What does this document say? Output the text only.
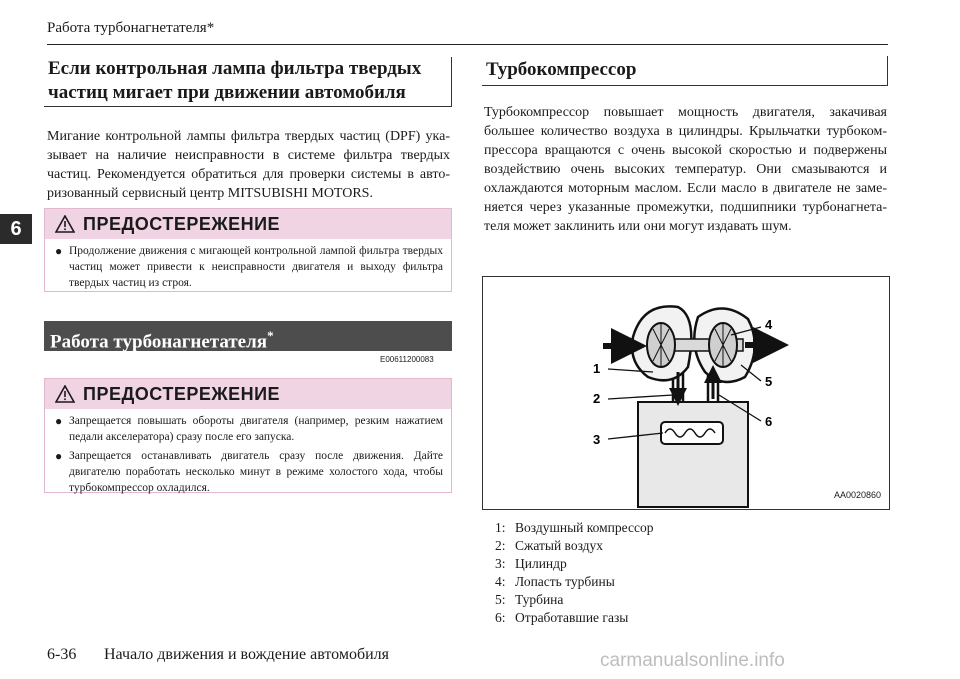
Работа турбонагнетателя*
6
Если контрольная лампа фильтра твердых частиц мигает при движении автомобиля

Мигание контрольной лампы фильтра твердых частиц (DPF) ука-зывает на наличие неисправности в системе фильтра твердых частиц. Рекомендуется обратиться для проверки системы в авто-ризованный сервисный центр MITSUBISHI MOTORS.

ПРЕДОСТЕРЕЖЕНИЕ
● Продолжение движения с мигающей контрольной лампой фильтра твердых частиц может привести к неисправности двигателя и выходу фильтра твердых частиц из строя.
Работа турбонагнетателя*
E00611200083
ПРЕДОСТЕРЕЖЕНИЕ
● Запрещается повышать обороты двигателя (например, резким нажатием педали акселератора) сразу после его запуска.
● Запрещается останавливать двигатель сразу после движения. Дайте двигателю поработать несколько минут в режиме холостого хода, чтобы турбокомпрессор охладился.
Турбокомпрессор

Турбокомпрессор повышает мощность двигателя, закачивая большее количество воздуха в цилиндры. Крыльчатки турбоком-прессора вращаются с очень высокой скоростью и подвержены воздействию очень высоких температур. Они смазываются и охлаждаются моторным маслом. Если масло в двигателе не заме-няется через указанные промежутки, подшипники турбонагнета-теля может заклинить или они могут издавать шум.

1
2
3
4
5
6
AA0020860
1: Воздушный компрессор
2: Сжатый воздух
3: Цилиндр
4: Лопасть турбины
5: Турбина
6: Отработавшие газы
6-36 Начало движения и вождение автомобиля	carmanualsonline.info
